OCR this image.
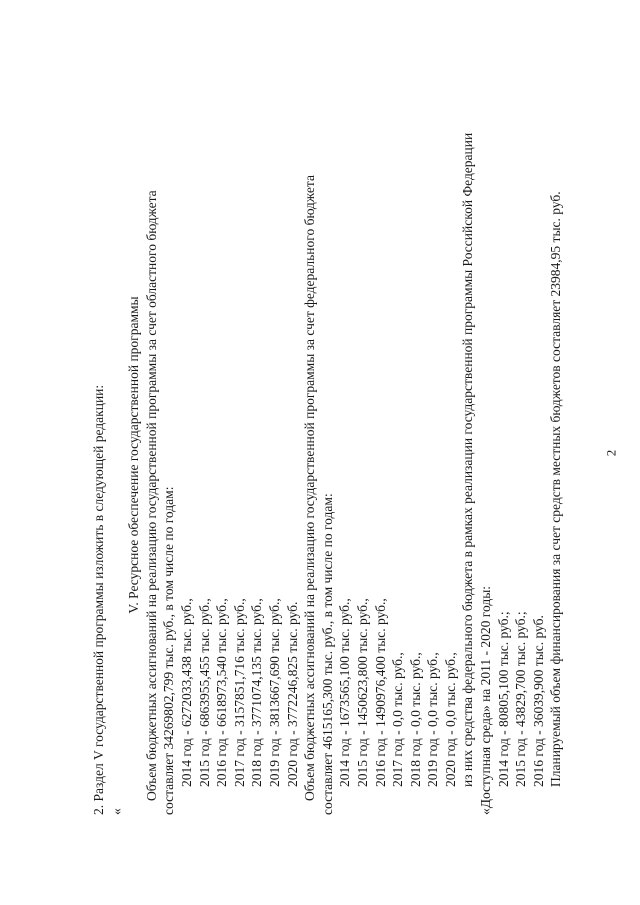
2

2. Раздел V государственной программы изложить в следующей редакции: «

V. Ресурсное обеспечение государственной программы Объем бюджетных ассигнований на реализацию государственной программы за счет областного бюджета составляет 34269802,799 тыс. руб., в том числе по годам: 2014 год - 6272033,438 тыс. руб., 2015 год - 6863955,455 тыс. руб., 2016 год - 6618973,540 тыс. руб., 2017 год - 3157851,716 тыс. руб., 2018 год - 3771074,135 тыс. руб., 2019 год - 3813667,690 тыс. руб., 2020 год - 3772246,825 тыс. руб. Объем бюджетных ассигнований на реализацию государственной программы за счет федерального бюджета составляет 4615165,300 тыс. руб., в том числе по годам: 2014 год - 1673565,100 тыс. руб., 2015 год - 1450623,800 тыс. руб., 2016 год - 1490976,400 тыс. руб., 2017 год - 0,0 тыс. руб., 2018 год - 0,0 тыс. руб., 2019 год - 0,0 тыс. руб., 2020 год - 0,0 тыс. руб., из них средства федерального бюджета в рамках реализации государственной программы Российской Федерации «Доступная среда» на 2011 - 2020 годы: 2014 год - 80805,100 тыс. руб.; 2015 год - 43829,700 тыс. руб.; 2016 год - 36039,900 тыс. руб. Планируемый объем финансирования за счет средств местных бюджетов составляет 23984,95 тыс. руб.
